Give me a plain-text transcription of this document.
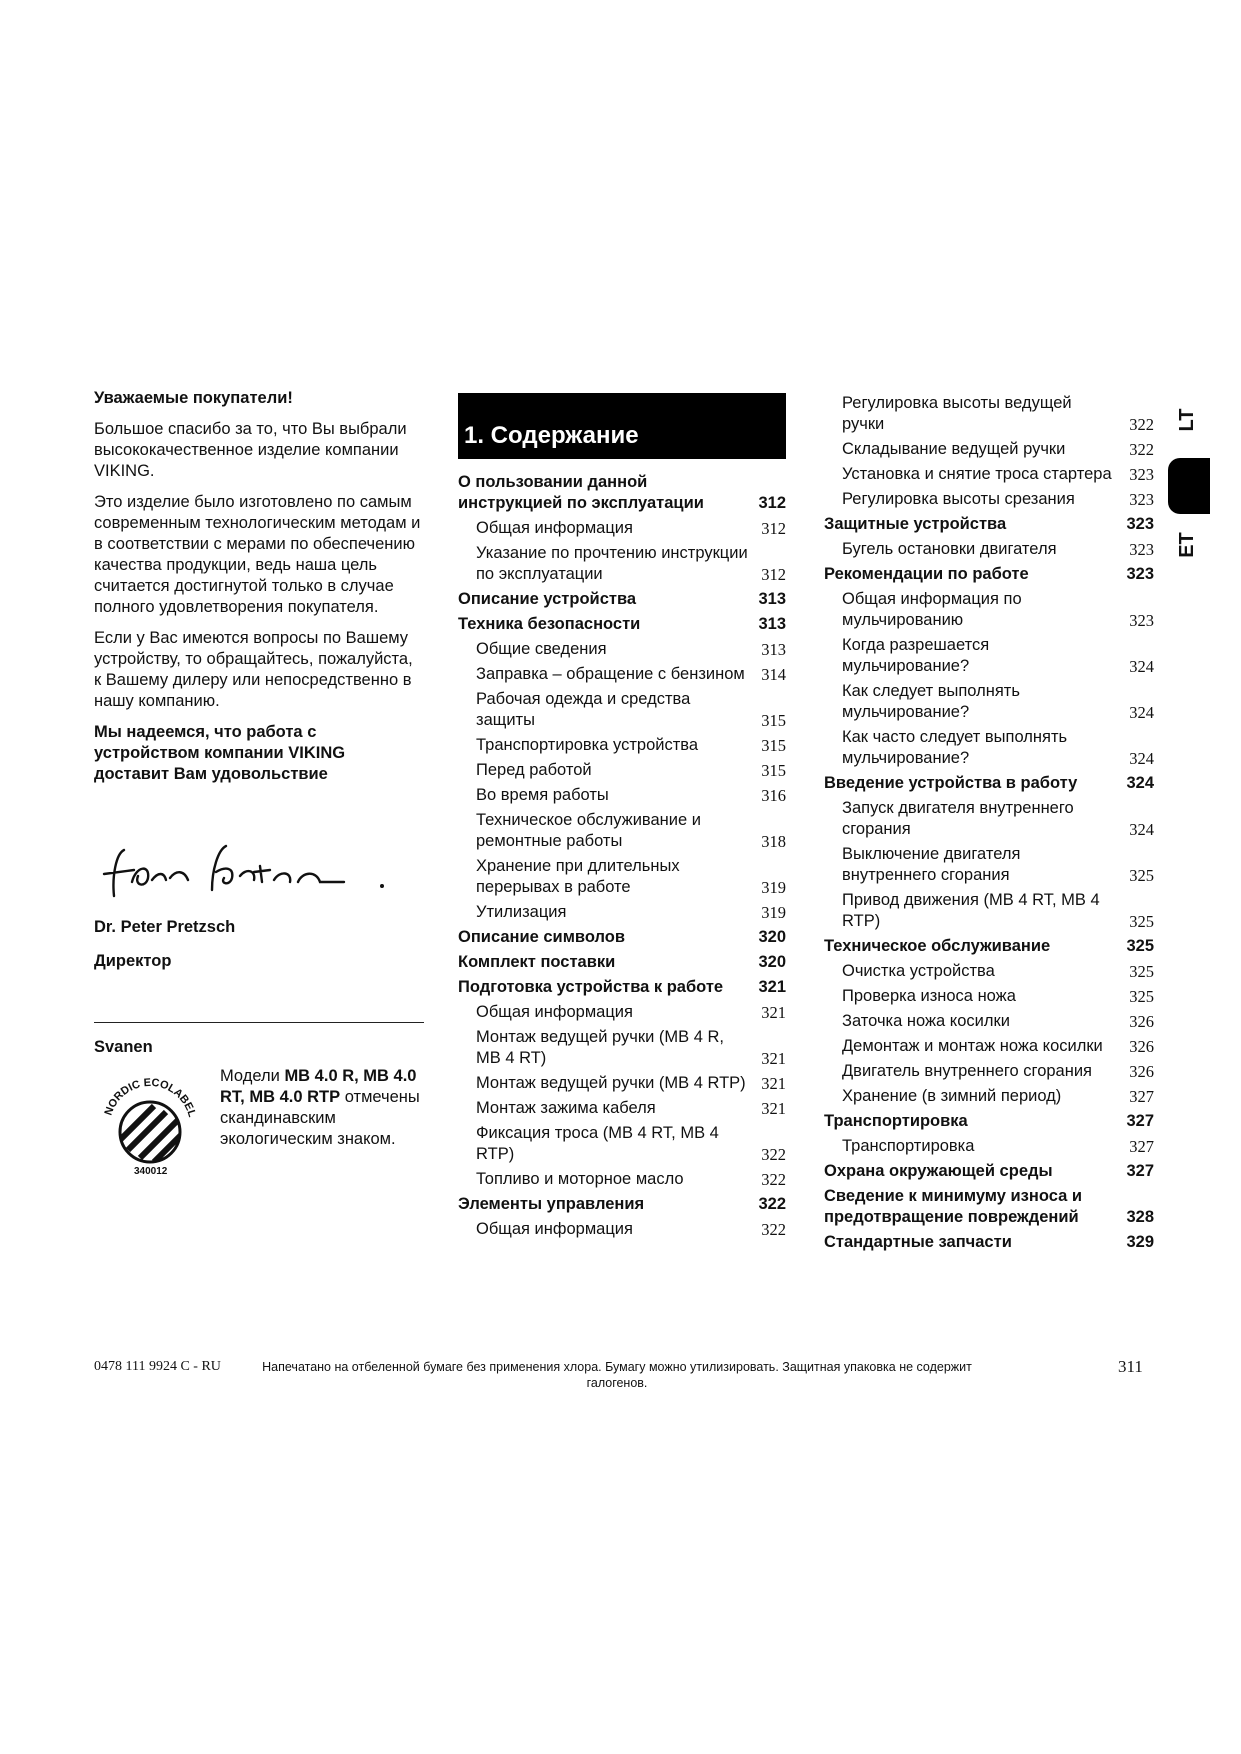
Уважаемые покупатели!

Большое спасибо за то, что Вы выбрали высококачественное изделие компании VIKING.

Это изделие было изготовлено по самым современным технологическим методам и в соответствии с мерами по обеспечению качества продукции, ведь наша цель считается достигнутой только в случае полного удовлетворения покупателя.

Если у Вас имеются вопросы по Вашему устройству, то обращайтесь, пожалуйста, к Вашему дилеру или непосредственно в нашу компанию.

Мы надеемся, что работа с устройством компании VIKING доставит Вам удовольствие

Dr. Peter Pretzsch
Директор
Svanen
NORDIC ECOLABEL
340012
Модели MB 4.0 R, MB 4.0 RT, MB 4.0 RTP отмечены скандинавским экологическим знаком.
1. Содержание
О пользовании данной инструкцией по эксплуатации	312
Общая информация	312
Указание по прочтению инструкции по эксплуатации	312
Описание устройства	313
Техника безопасности	313
Общие сведения	313
Заправка – обращение с бензином	314
Рабочая одежда и средства защиты	315
Транспортировка устройства	315
Перед работой	315
Во время работы	316
Техническое обслуживание и ремонтные работы	318
Хранение при длительных перерывах в работе	319
Утилизация	319
Описание символов	320
Комплект поставки	320
Подготовка устройства к работе	321
Общая информация	321
Монтаж ведущей ручки (MB 4 R, MB 4 RT)	321
Монтаж ведущей ручки (MB 4 RTP) 321
Монтаж зажима кабеля	321
Фиксация троса (MB 4 RT, MB 4 RTP)	322
Топливо и моторное масло	322
Элементы управления	322
Общая информация	322
Регулировка высоты ведущей ручки	322
Складывание ведущей ручки	322
Установка и снятие троса стартера	323
Регулировка высоты срезания	323
Защитные устройства	323
Бугель остановки двигателя	323
Рекомендации по работе	323
Общая информация по мульчированию	323
Когда разрешается мульчирование?	324
Как следует выполнять мульчирование?	324
Как часто следует выполнять мульчирование?	324
Введение устройства в работу	324
Запуск двигателя внутреннего сгорания	324
Выключение двигателя внутреннего сгорания	325
Привод движения (MB 4 RT, MB 4 RTP)	325
Техническое обслуживание	325
Очистка устройства	325
Проверка износа ножа	325
Заточка ножа косилки	326
Демонтаж и монтаж ножа косилки	326
Двигатель внутреннего сгорания	326
Хранение (в зимний период)	327
Транспортировка	327
Транспортировка	327
Охрана окружающей среды	327
Сведение к минимуму износа и предотвращение повреждений	328
Стандартные запчасти	329
LT
ET
0478 111 9924 C - RU	Напечатано на отбеленной бумаге без применения хлора. Бумагу можно утилизировать. Защитная упаковка не содержит галогенов.
311
